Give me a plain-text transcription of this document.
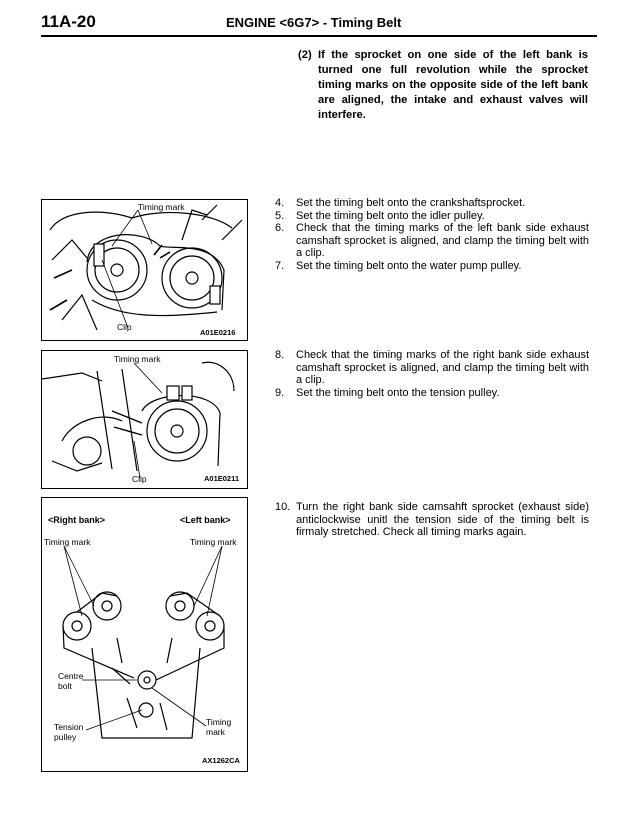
11A-20	ENGINE <6G7> - Timing Belt
(2) If the sprocket on one side of the left bank is turned one full revolution while the sprocket timing marks on the opposite side of the left bank are aligned, the intake and exhaust valves will interfere.
Timing mark
Clip
A01E0216
Timing mark
Clip	A01E0211
<Right bank>	<Left bank>
Timing mark	Timing mark
Centre bolt
Tension pulley
Timing mark
AX1262CA
4. Set the timing belt onto the crankshaftsprocket.
5. Set the timing belt onto the idler pulley.
6. Check that the timing marks of the left bank side exhaust camshaft sprocket is aligned, and clamp the timing belt with a clip.
7. Set the timing belt onto the water pump pulley.
8. Check that the timing marks of the right bank side exhaust camshaft sprocket is aligned, and clamp the timing belt with a clip.
9. Set the timing belt onto the tension pulley.
10. Turn the right bank side camsahft sprocket (exhaust side) anticlockwise unitl the tension side of the timing belt is firmaly stretched. Check all timing marks again.
